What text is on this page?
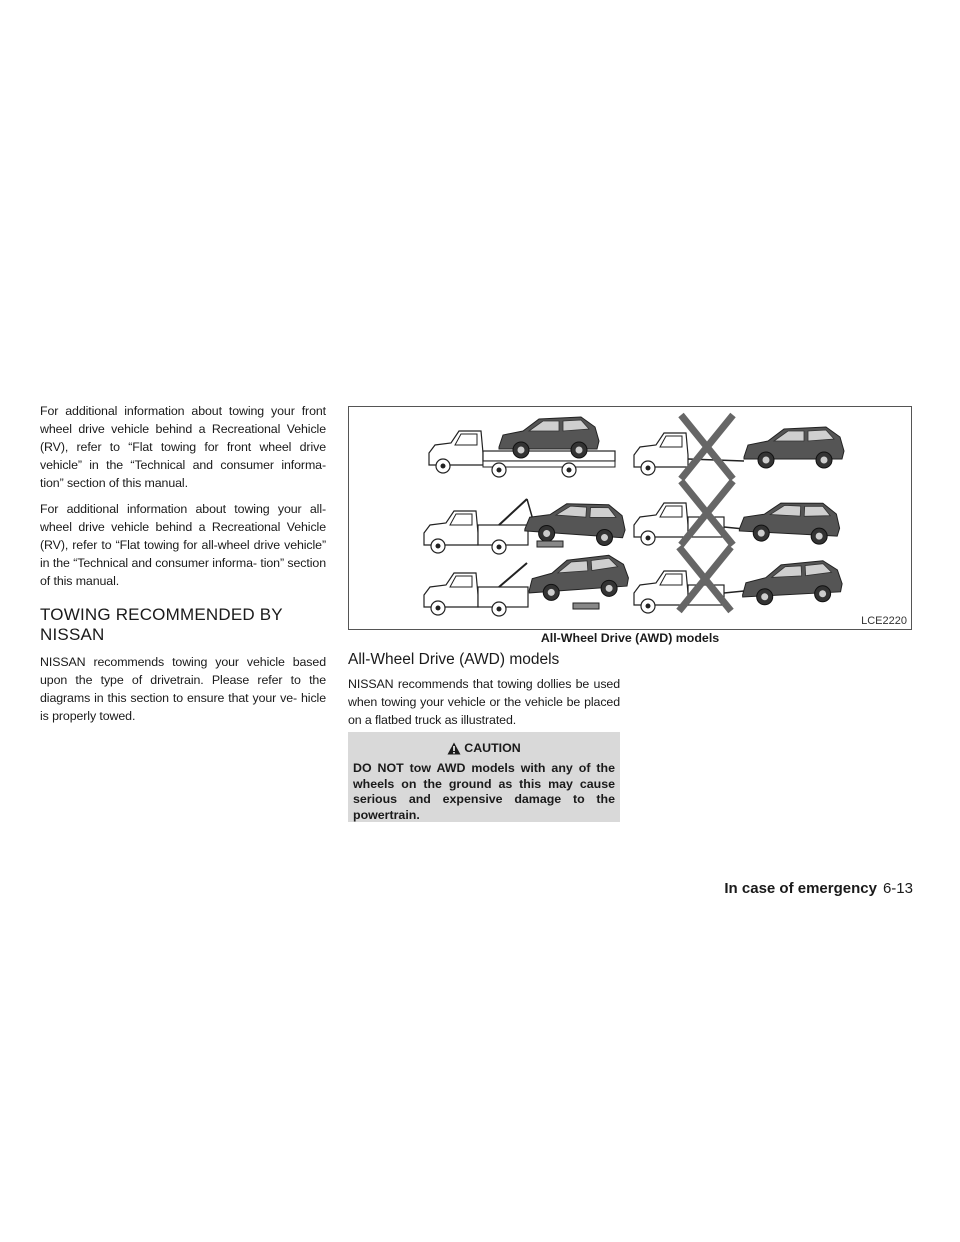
For additional information about towing your front wheel drive vehicle behind a Recreational Vehicle (RV), refer to “Flat towing for front wheel drive vehicle” in the “Technical and consumer informa- tion” section of this manual.

For additional information about towing your all- wheel drive vehicle behind a Recreational Vehicle (RV), refer to “Flat towing for all-wheel drive vehicle” in the “Technical and consumer informa- tion” section of this manual.

TOWING RECOMMENDED BY NISSAN

NISSAN recommends towing your vehicle based upon the type of drivetrain. Please refer to the diagrams in this section to ensure that your ve- hicle is properly towed.

LCE2220
All-Wheel Drive (AWD) models
All-Wheel Drive (AWD) models

NISSAN recommends that towing dollies be used when towing your vehicle or the vehicle be placed on a flatbed truck as illustrated.

CAUTION
DO NOT tow AWD models with any of the wheels on the ground as this may cause serious and expensive damage to the powertrain.
In case of emergency 6-13
